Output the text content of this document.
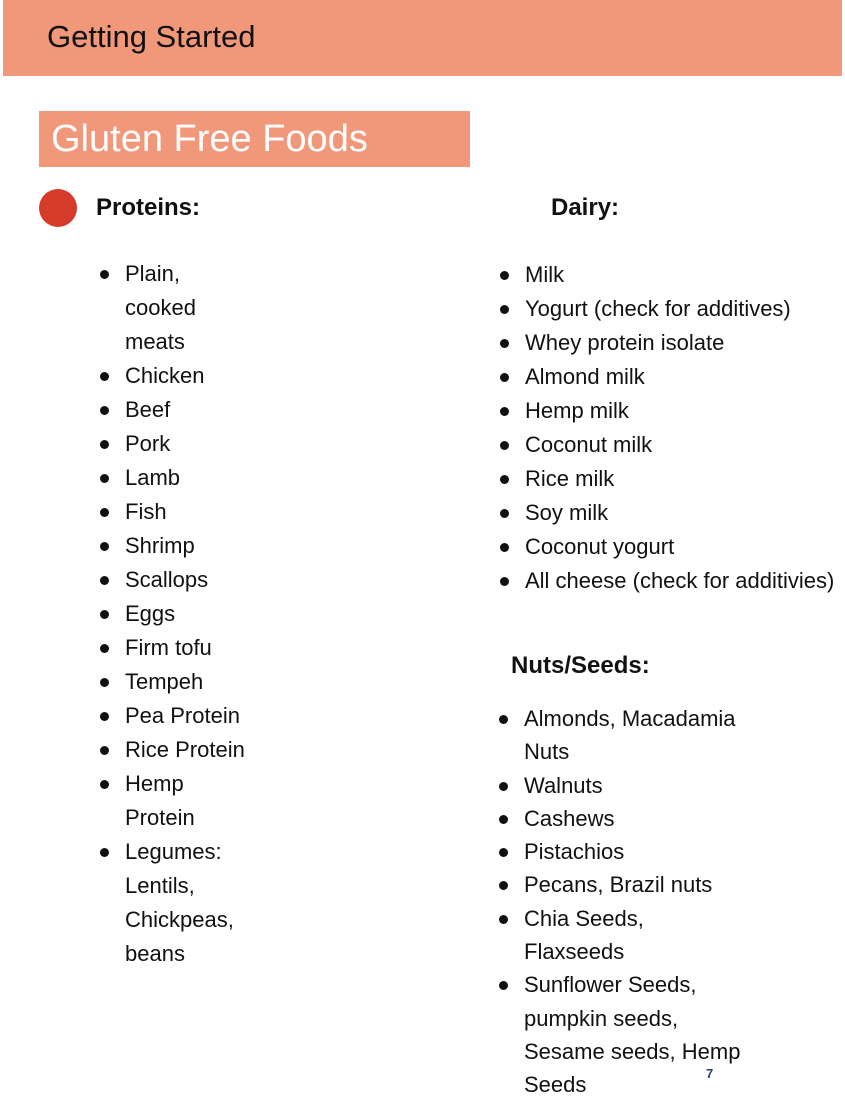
Getting Started
Gluten Free Foods
Proteins:	Dairy:
Nuts/Seeds:
Plain, cooked meats
Chicken
Beef
Pork
Lamb
Fish
Shrimp
Scallops
Eggs
Firm tofu
Tempeh
Pea Protein
Rice Protein
Hemp Protein
Legumes: Lentils, Chickpeas, beans
Milk
Yogurt (check for additives)
Whey protein isolate
Almond milk
Hemp milk
Coconut milk
Rice milk
Soy milk
Coconut yogurt
All cheese (check for additivies)
Almonds, Macadamia Nuts
Walnuts
Cashews
Pistachios
Pecans, Brazil nuts
Chia Seeds, Flaxseeds
Sunflower Seeds, pumpkin seeds, Sesame seeds, Hemp Seeds	7
